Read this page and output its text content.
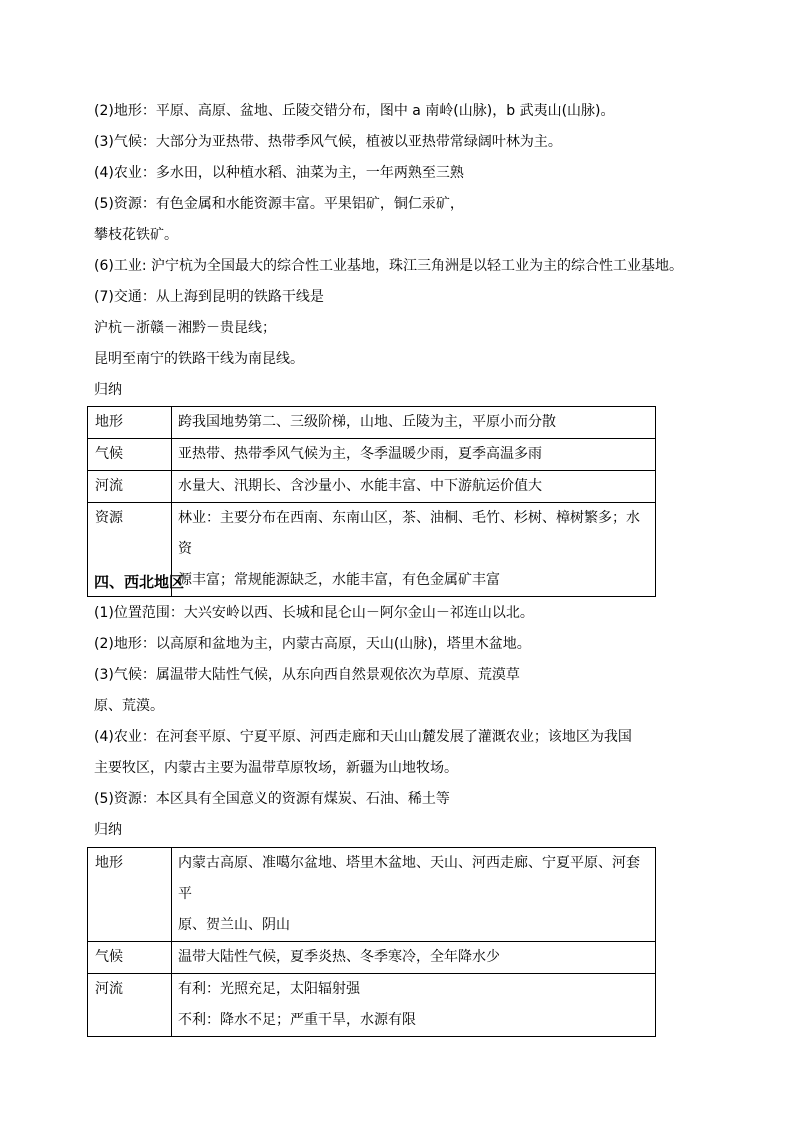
(2)地形：平原、高原、盆地、丘陵交错分布，图中 a 南岭(山脉)，b 武夷山(山脉)。
(3)气候：大部分为亚热带、热带季风气候，植被以亚热带常绿阔叶林为主。
(4)农业：多水田，以种植水稻、油菜为主，一年两熟至三熟
(5)资源：有色金属和水能资源丰富。平果铝矿，铜仁汞矿，
攀枝花铁矿。
(6)工业: 沪宁杭为全国最大的综合性工业基地，珠江三角洲是以轻工业为主的综合性工业基地。
(7)交通：从上海到昆明的铁路干线是
沪杭－浙赣－湘黔－贵昆线；
昆明至南宁的铁路干线为南昆线。
归纳
地形	跨我国地势第二、三级阶梯，山地、丘陵为主，平原小而分散

气候	亚热带、热带季风气候为主，冬季温暖少雨，夏季高温多雨

河流	水量大、汛期长、含沙量小、水能丰富、中下游航运价值大

资源	林业：主要分布在西南、东南山区，茶、油桐、毛竹、杉树、樟树繁多；水资
源丰富；常规能源缺乏，水能丰富，有色金属矿丰富
四、西北地区
(1)位置范围：大兴安岭以西、长城和昆仑山－阿尔金山－祁连山以北。
(2)地形：以高原和盆地为主，内蒙古高原，天山(山脉)，塔里木盆地。
(3)气候：属温带大陆性气候，从东向西自然景观依次为草原、荒漠草
原、荒漠。
(4)农业：在河套平原、宁夏平原、河西走廊和天山山麓发展了灌溉农业；该地区为我国
主要牧区，内蒙古主要为温带草原牧场，新疆为山地牧场。
(5)资源：本区具有全国意义的资源有煤炭、石油、稀土等
归纳
地形	内蒙古高原、准噶尔盆地、塔里木盆地、天山、河西走廊、宁夏平原、河套平
原、贺兰山、阴山

气候	温带大陆性气候，夏季炎热、冬季寒冷，全年降水少

河流	有利：光照充足，太阳辐射强
不利：降水不足；严重干旱，水源有限
